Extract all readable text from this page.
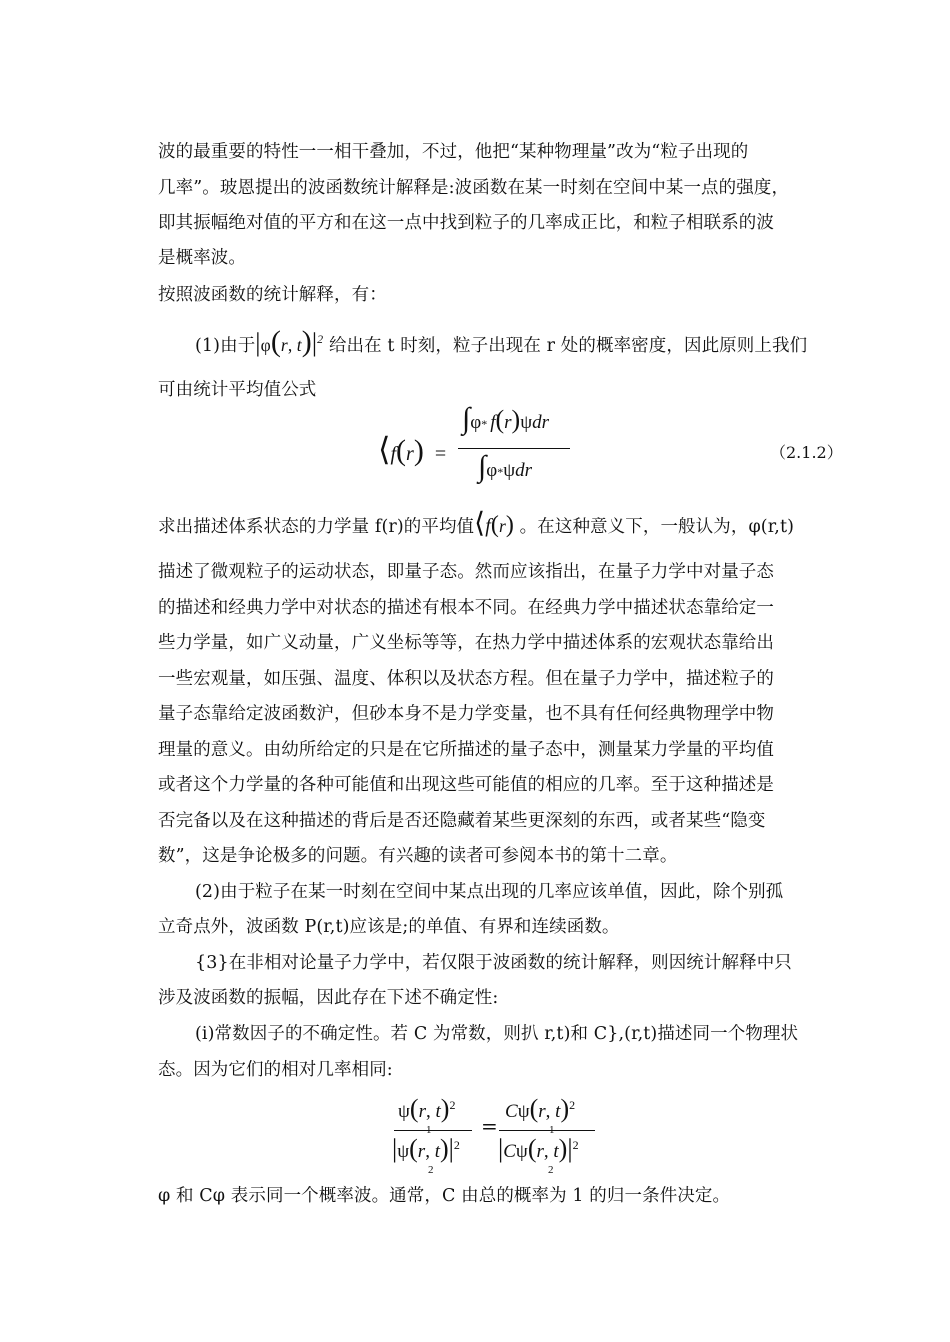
波的最重要的特性一一相干叠加，不过，他把“某种物理量”改为“粒子出现的
几率”。玻恩提出的波函数统计解释是:波函数在某一时刻在空间中某一点的强度，
即其振幅绝对值的平方和在这一点中找到粒子的几率成正比，和粒子相联系的波
是概率波。
按照波函数的统计解释，有：
(1)由于|φ(r, $t)|^2$ 给出在 t 时刻，粒子出现在 r 处的概率密度，因此原则上我们
可由统计平均值公式
⟨f(r) =
∫φ* f(r)ψdr
∫φ*ψdr
（2.1.2）
求出描述体系状态的力学量 f(r)的平均值⟨f(r) 。在这种意义下，一般认为，φ(r,t)
描述了微观粒子的运动状态，即量子态。然而应该指出，在量子力学中对量子态
的描述和经典力学中对状态的描述有根本不同。在经典力学中描述状态靠给定一
些力学量，如广义动量，广义坐标等等，在热力学中描述体系的宏观状态靠给出
一些宏观量，如压强、温度、体积以及状态方程。但在量子力学中，描述粒子的
量子态靠给定波函数沪，但砂本身不是力学变量，也不具有任何经典物理学中物
理量的意义。由幼所给定的只是在它所描述的量子态中，测量某力学量的平均值
或者这个力学量的各种可能值和出现这些可能值的相应的几率。至于这种描述是
否完备以及在这种描述的背后是否还隐藏着某些更深刻的东西，或者某些“隐变
数”，这是争论极多的问题。有兴趣的读者可参阅本书的第十二章。
(2)由于粒子在某一时刻在空间中某点出现的几率应该单值，因此，除个别孤
立奇点外，波函数 P(r,t)应该是;的单值、有界和连续函数。
{3}在非相对论量子力学中，若仅限于波函数的统计解释，则因统计解释中只
涉及波函数的振幅，因此存在下述不确定性:
(i)常数因子的不确定性。若 C 为常数，则扒 r,t)和 C},(r,t)描述同一个物理状
态。因为它们的相对几率相同:
ψ(r, t)$^2$
|ψ(r, $t)|^2$
2
=
Cψ(r, t)$^2$
|Cψ(r, $t)|^2$
2
φ 和 Cφ 表示同一个概率波。通常，C 由总的概率为 1 的归一条件决定。
